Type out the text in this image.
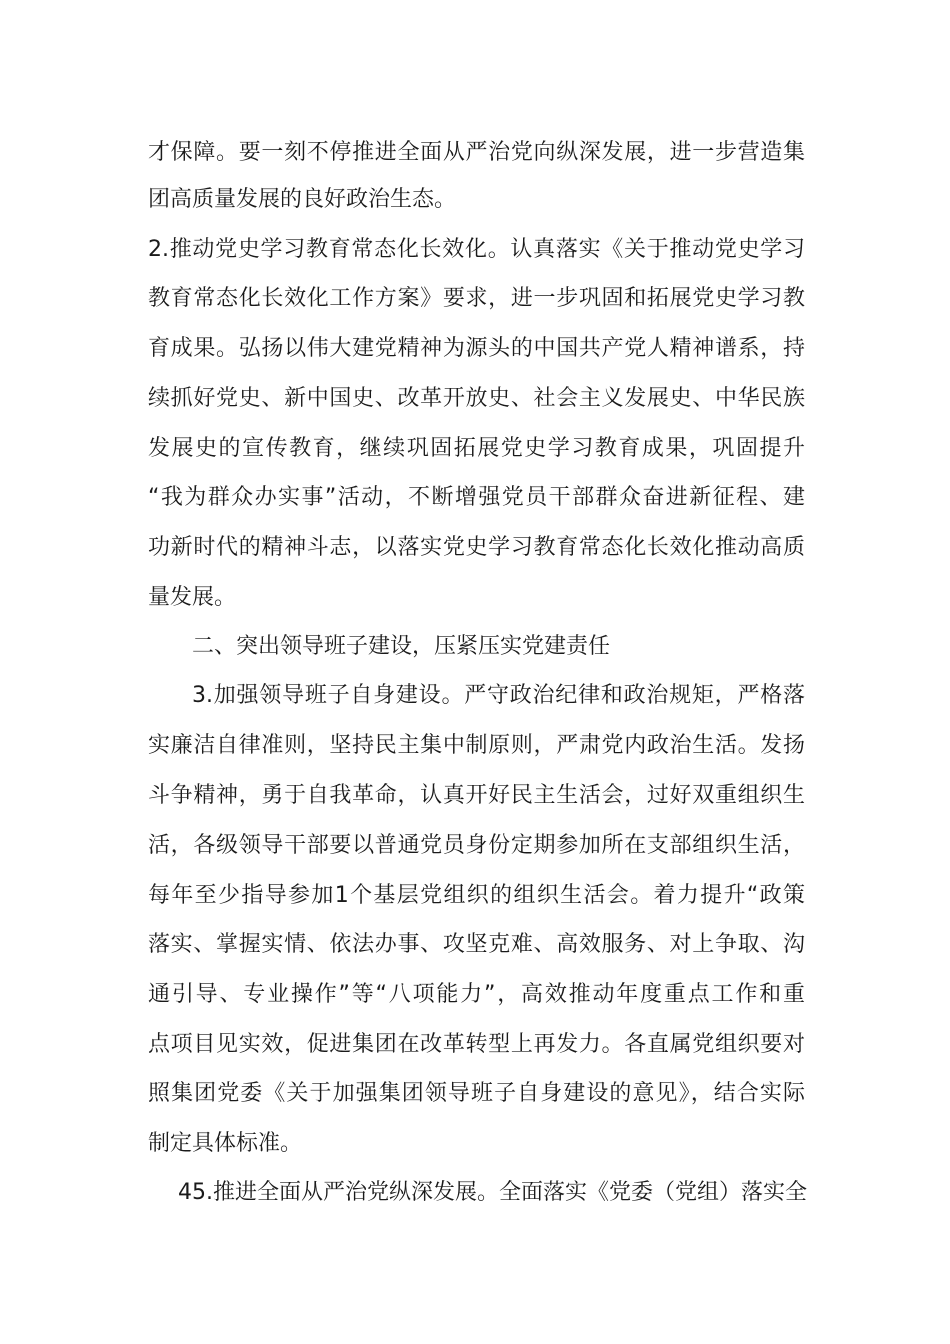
才保障。要一刻不停推进全面从严治党向纵深发展，进一步营造集
团高质量发展的良好政治生态。
2.推动党史学习教育常态化长效化。认真落实《关于推动党史学习
教育常态化长效化工作方案》要求，进一步巩固和拓展党史学习教
育成果。弘扬以伟大建党精神为源头的中国共产党人精神谱系，持
续抓好党史、新中国史、改革开放史、社会主义发展史、中华民族
发展史的宣传教育，继续巩固拓展党史学习教育成果，巩固提升
“我为群众办实事”活动，不断增强党员干部群众奋进新征程、建
功新时代的精神斗志，以落实党史学习教育常态化长效化推动高质
量发展。
二、突出领导班子建设，压紧压实党建责任
3.加强领导班子自身建设。严守政治纪律和政治规矩，严格落
实廉洁自律准则，坚持民主集中制原则，严肃党内政治生活。发扬
斗争精神，勇于自我革命，认真开好民主生活会，过好双重组织生
活，各级领导干部要以普通党员身份定期参加所在支部组织生活，
每年至少指导参加1个基层党组织的组织生活会。着力提升“政策
落实、掌握实情、依法办事、攻坚克难、高效服务、对上争取、沟
通引导、专业操作”等“八项能力”，高效推动年度重点工作和重
点项目见实效，促进集团在改革转型上再发力。各直属党组织要对
照集团党委《关于加强集团领导班子自身建设的意见》，结合实际
制定具体标准。
45.推进全面从严治党纵深发展。全面落实《党委（党组）落实全
